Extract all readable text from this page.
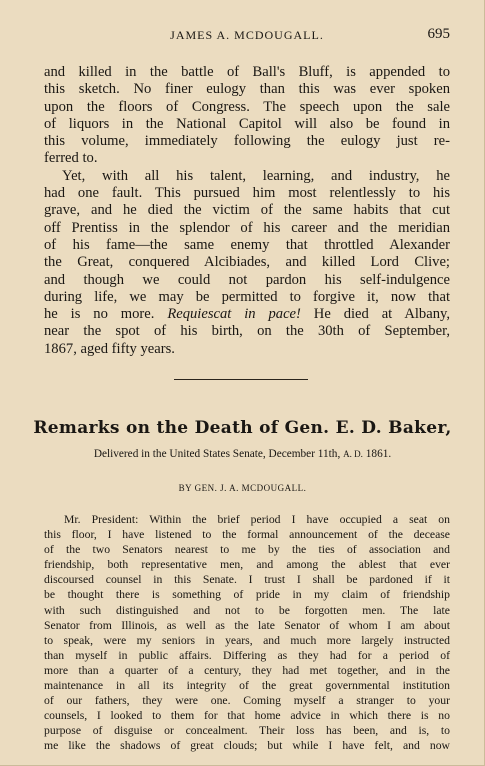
JAMES A. MCDOUGALL.	695
and killed in the battle of Ball's Bluff, is appended to
this sketch. No finer eulogy than this was ever spoken
upon the floors of Congress. The speech upon the sale
of liquors in the National Capitol will also be found in
this volume, immediately following the eulogy just re-
ferred to.
Yet, with all his talent, learning, and industry, he
had one fault. This pursued him most relentlessly to his
grave, and he died the victim of the same habits that cut
off Prentiss in the splendor of his career and the meridian
of his fame—the same enemy that throttled Alexander
the Great, conquered Alcibiades, and killed Lord Clive;
and though we could not pardon his self-indulgence
during life, we may be permitted to forgive it, now that
he is no more. Requiescat in pace! He died at Albany,
near the spot of his birth, on the 30th of September,
1867, aged fifty years.
Remarks on the Death of Gen. E. D. Baker,
Delivered in the United States Senate, December 11th, A. D. 1861.
BY GEN. J. A. MCDOUGALL.
Mr. President: Within the brief period I have occupied a seat on
this floor, I have listened to the formal announcement of the decease
of the two Senators nearest to me by the ties of association and
friendship, both representative men, and among the ablest that ever
discoursed counsel in this Senate. I trust I shall be pardoned if it
be thought there is something of pride in my claim of friendship
with such distinguished and not to be forgotten men. The late
Senator from Illinois, as well as the late Senator of whom I am about
to speak, were my seniors in years, and much more largely instructed
than myself in public affairs. Differing as they had for a period of
more than a quarter of a century, they had met together, and in the
maintenance in all its integrity of the great governmental institution
of our fathers, they were one. Coming myself a stranger to your
counsels, I looked to them for that home advice in which there is no
purpose of disguise or concealment. Their loss has been, and is, to
me like the shadows of great clouds; but while I have felt, and now
